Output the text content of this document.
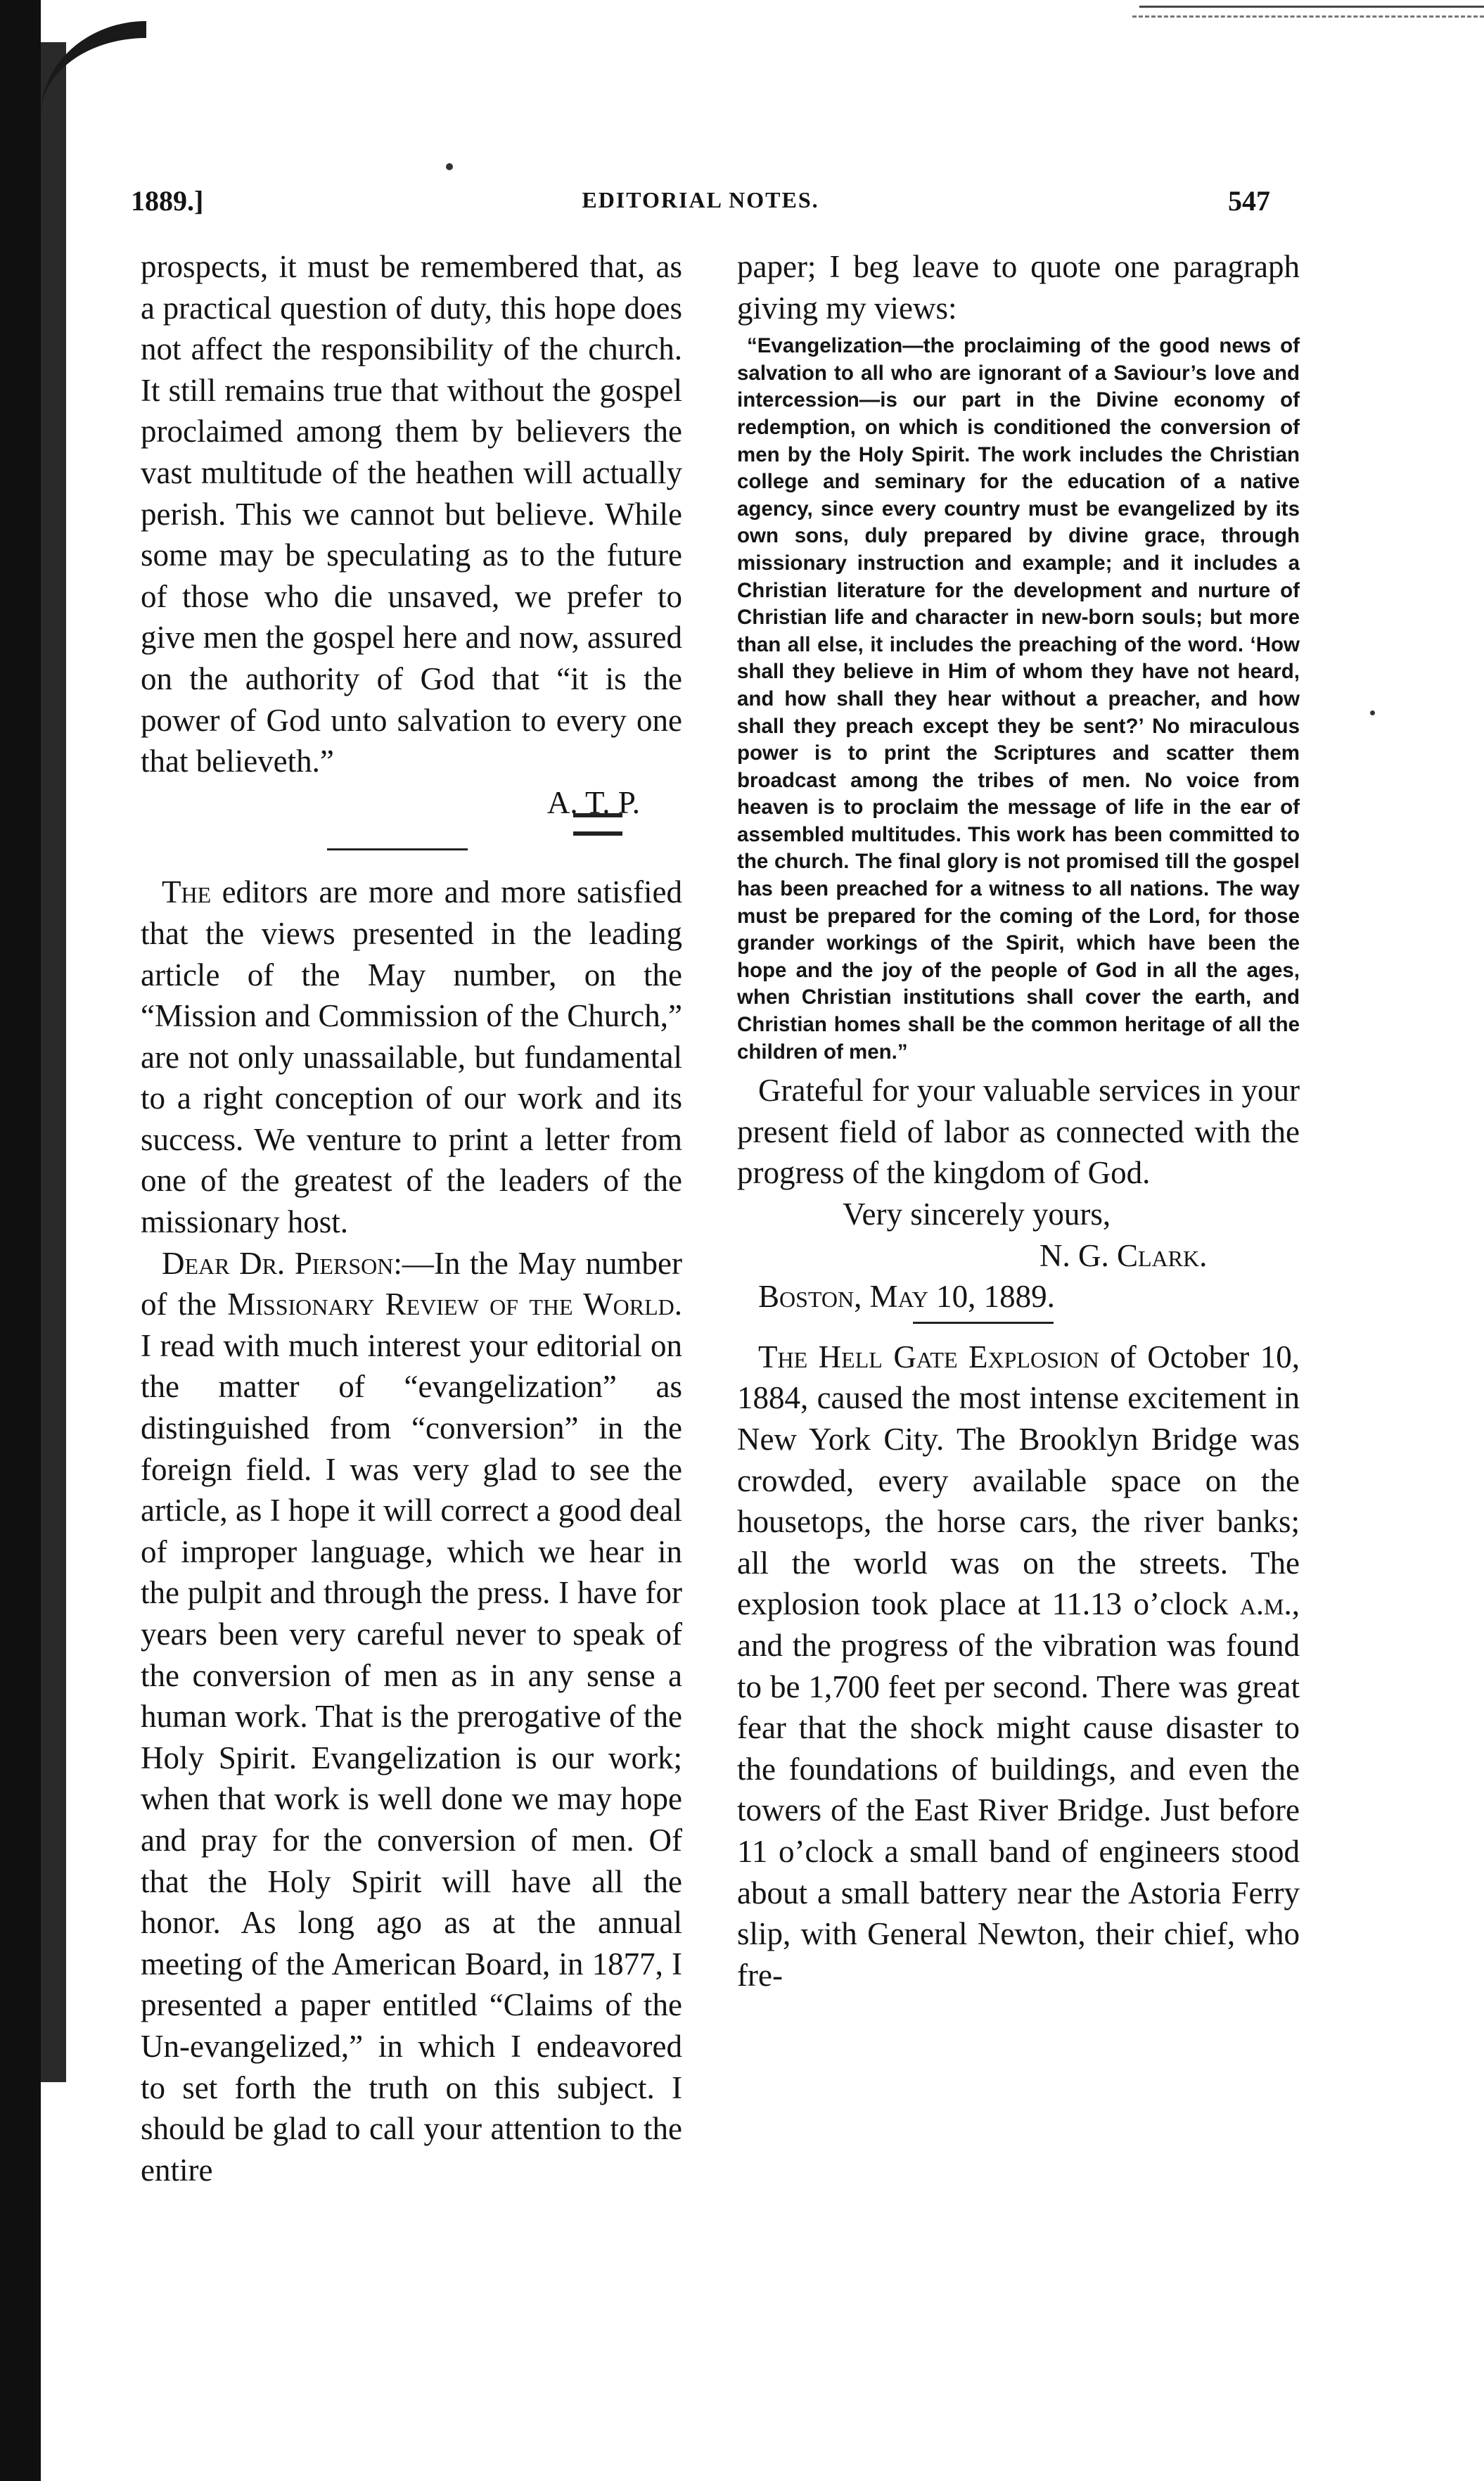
1889.]	EDITORIAL NOTES.	547

prospects, it must be remembered that, as a practical question of duty, this hope does not affect the responsibility of the church. It still remains true that without the gospel proclaimed among them by believers the vast multitude of the heathen will actually perish. This we cannot but believe. While some may be speculating as to the future of those who die unsaved, we prefer to give men the gospel here and now, assured on the authority of God that “it is the power of God unto salvation to every one that believeth.”

A. T. P.

The editors are more and more satisfied that the views presented in the leading article of the May number, on the “Mission and Commission of the Church,” are not only unassailable, but fundamental to a right conception of our work and its success. We venture to print a letter from one of the greatest of the leaders of the missionary host.

Dear Dr. Pierson:—In the May number of the Missionary Review of the World. I read with much interest your editorial on the matter of “evangelization” as distinguished from “conversion” in the foreign field. I was very glad to see the article, as I hope it will correct a good deal of improper language, which we hear in the pulpit and through the press. I have for years been very careful never to speak of the conversion of men as in any sense a human work. That is the prerogative of the Holy Spirit. Evangelization is our work; when that work is well done we may hope and pray for the conversion of men. Of that the Holy Spirit will have all the honor. As long ago as at the annual meeting of the American Board, in 1877, I presented a paper entitled “Claims of the Un-evangelized,” in which I endeavored to set forth the truth on this subject. I should be glad to call your attention to the entire

paper; I beg leave to quote one paragraph giving my views:

“Evangelization—the proclaiming of the good news of salvation to all who are ignorant of a Saviour’s love and intercession—is our part in the Divine economy of redemption, on which is conditioned the conversion of men by the Holy Spirit. The work includes the Christian college and seminary for the education of a native agency, since every country must be evangelized by its own sons, duly prepared by divine grace, through missionary instruction and example; and it includes a Christian literature for the development and nurture of Christian life and character in new-born souls; but more than all else, it includes the preaching of the word. ‘How shall they believe in Him of whom they have not heard, and how shall they hear without a preacher, and how shall they preach except they be sent?’ No miraculous power is to print the Scriptures and scatter them broadcast among the tribes of men. No voice from heaven is to proclaim the message of life in the ear of assembled multitudes. This work has been committed to the church. The final glory is not promised till the gospel has been preached for a witness to all nations. The way must be prepared for the coming of the Lord, for those grander workings of the Spirit, which have been the hope and the joy of the people of God in all the ages, when Christian institutions shall cover the earth, and Christian homes shall be the common heritage of all the children of men.”

Grateful for your valuable services in your present field of labor as connected with the progress of the kingdom of God.

Very sincerely yours,

N. G. Clark.

Boston, May 10, 1889.

The Hell Gate Explosion of October 10, 1884, caused the most intense excitement in New York City. The Brooklyn Bridge was crowded, every available space on the housetops, the horse cars, the river banks; all the world was on the streets. The explosion took place at 11.13 o’clock a.m., and the progress of the vibration was found to be 1,700 feet per second. There was great fear that the shock might cause disaster to the foundations of buildings, and even the towers of the East River Bridge. Just before 11 o’clock a small band of engineers stood about a small battery near the Astoria Ferry slip, with General Newton, their chief, who fre-
